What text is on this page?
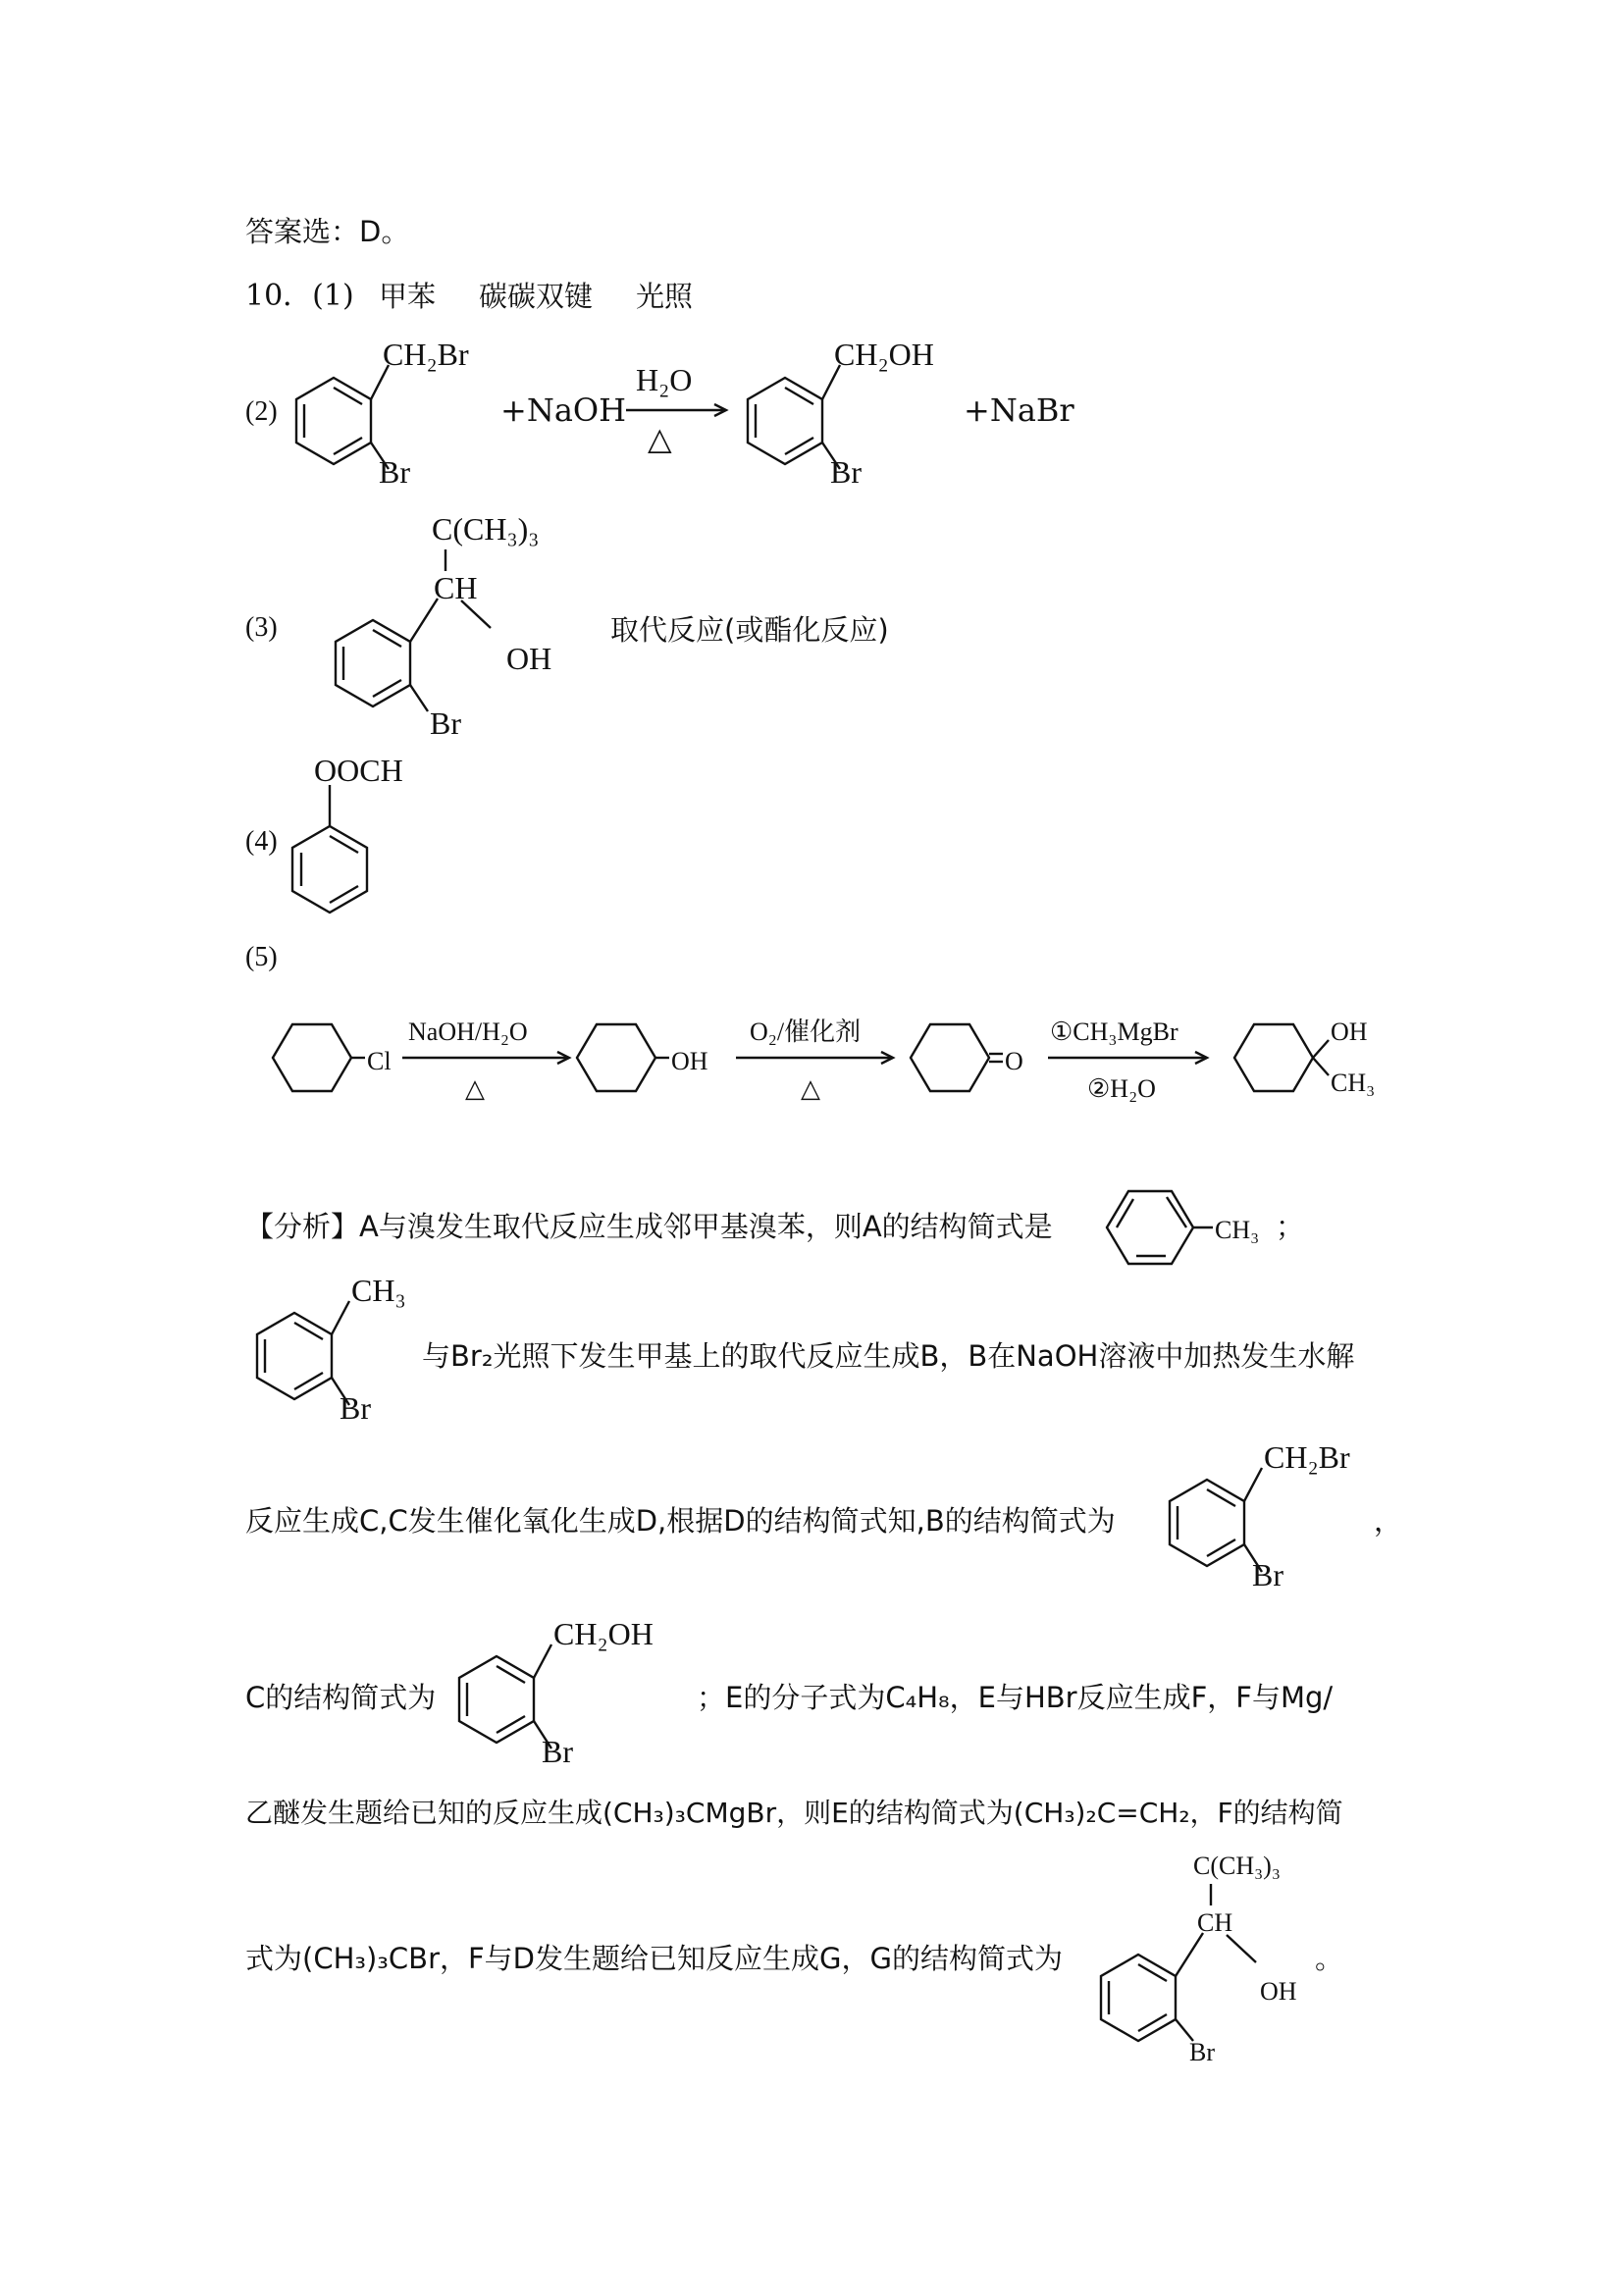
答案选：D。
10．(1) 甲苯 碳碳双键 光照
(2)
CH₂Br
Br
+NaOH
H₂O
△
CH₂OH
Br
+NaBr
(3)
C(CH₃)₃
CH
OH
Br
取代反应(或酯化反应)
(4)
OOCH
(5)
Cl
NaOH/H₂O
△
OH
O₂/催化剂
△
O
①CH₃MgBr
②H₂O
OH
CH₃
【分析】A与溴发生取代反应生成邻甲基溴苯，则A的结构简式是	CH₃ ；
CH₃
Br
与Br₂光照下发生甲基上的取代反应生成B，B在NaOH溶液中加热发生水解
反应生成C,C发生催化氧化生成D,根据D的结构简式知,B的结构简式为
CH₂Br
Br
，
C的结构简式为
CH₂OH
Br
；E的分子式为C₄H₈，E与HBr反应生成F，F与Mg/
乙醚发生题给已知的反应生成(CH₃)₃CMgBr，则E的结构简式为(CH₃)₂C=CH₂，F的结构简
式为(CH₃)₃CBr，F与D发生题给已知反应生成G，G的结构简式为
C(CH₃)₃
CH
OH
Br
。
